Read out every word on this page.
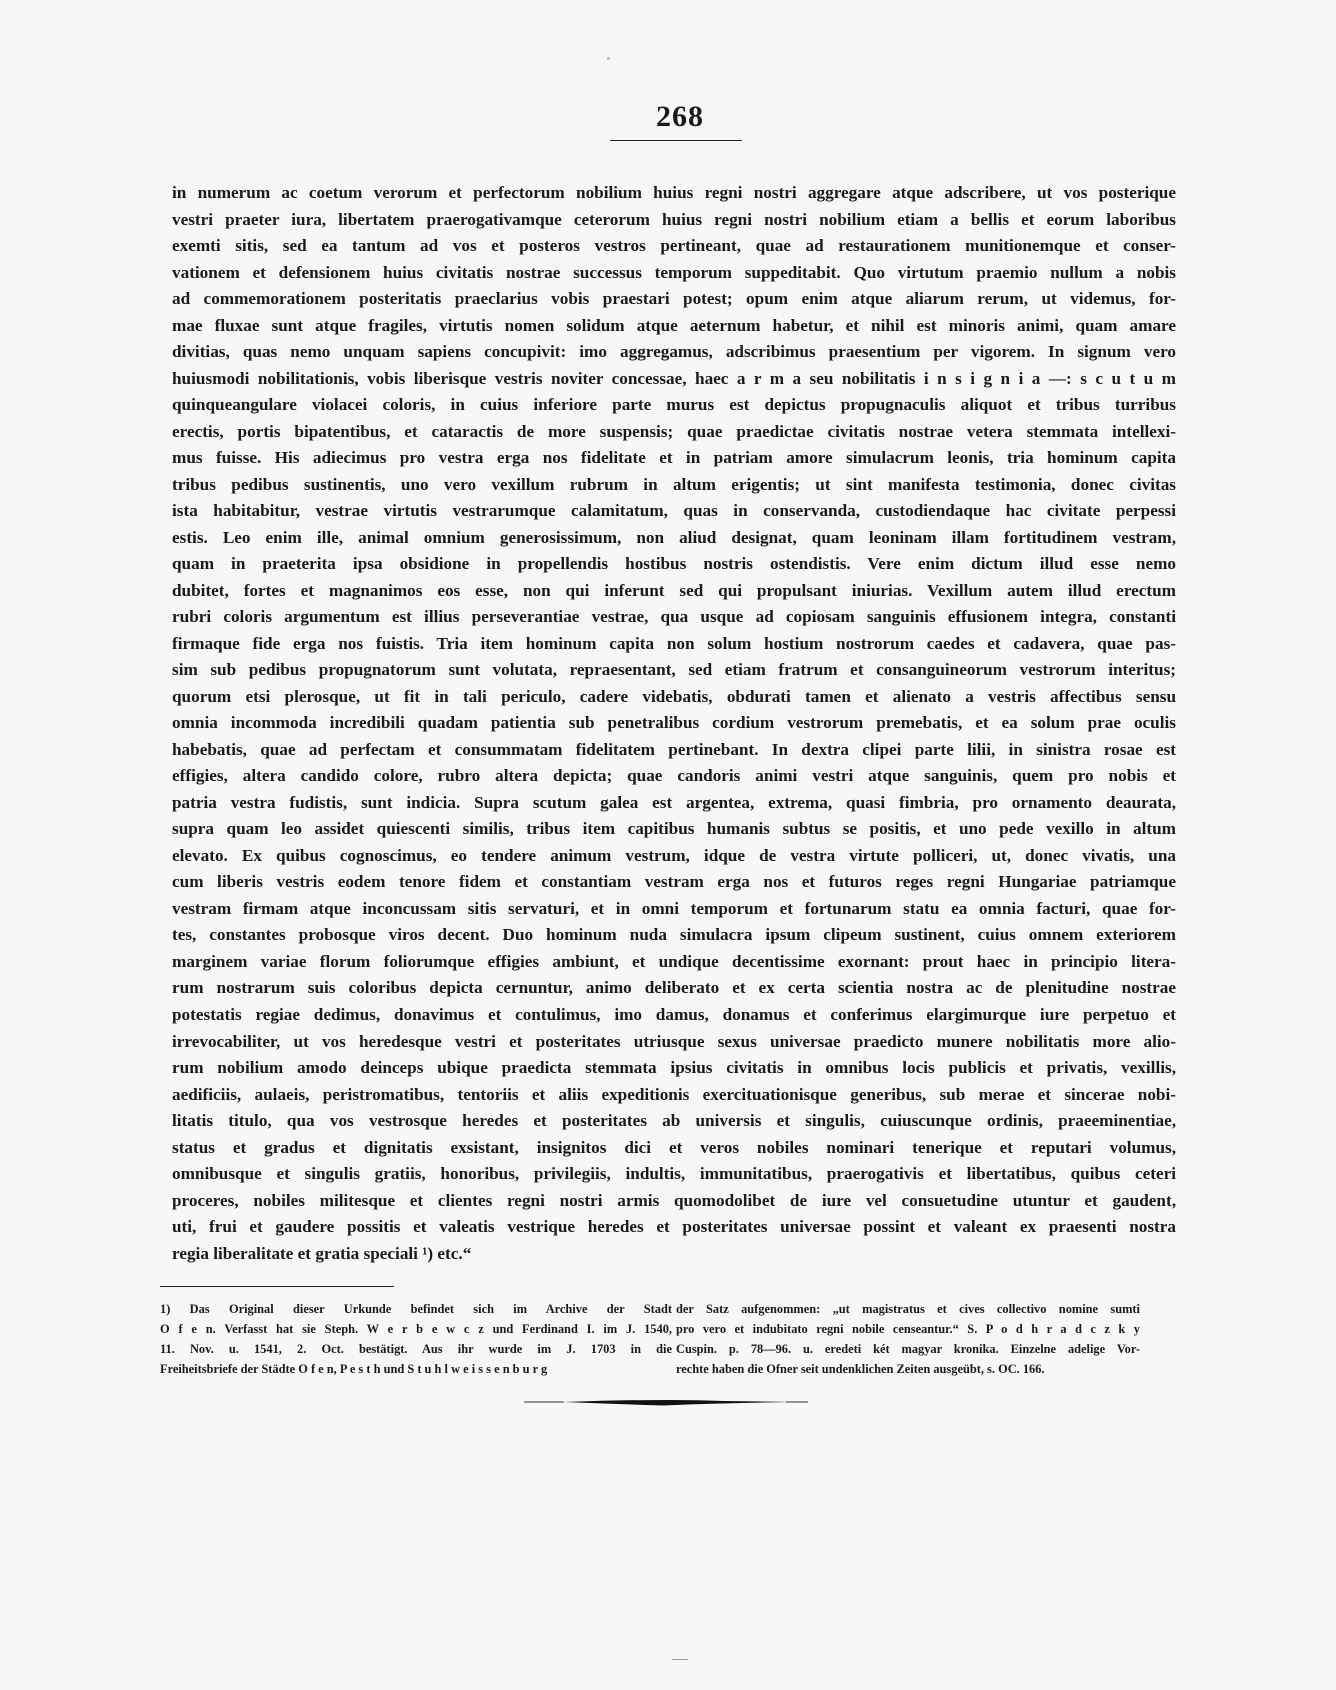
268
in numerum ac coetum verorum et perfectorum nobilium huius regni nostri aggregare atque adscribere, ut vos posterique
vestri praeter iura, libertatem praerogativamque ceterorum huius regni nostri nobilium etiam a bellis et eorum laboribus
exemti sitis, sed ea tantum ad vos et posteros vestros pertineant, quae ad restaurationem munitionemque et conser-
vationem et defensionem huius civitatis nostrae successus temporum suppeditabit. Quo virtutum praemio nullum a nobis
ad commemorationem posteritatis praeclarius vobis praestari potest; opum enim atque aliarum rerum, ut videmus, for-
mae fluxae sunt atque fragiles, virtutis nomen solidum atque aeternum habetur, et nihil est minoris animi, quam amare
divitias, quas nemo unquam sapiens concupivit: imo aggregamus, adscribimus praesentium per vigorem. In signum vero
huiusmodi nobilitationis, vobis liberisque vestris noviter concessae, haec a r m a seu nobilitatis i n s i g n i a —: s c u t u m
quinqueangulare violacei coloris, in cuius inferiore parte murus est depictus propugnaculis aliquot et tribus turribus
erectis, portis bipatentibus, et cataractis de more suspensis; quae praedictae civitatis nostrae vetera stemmata intellexi-
mus fuisse. His adiecimus pro vestra erga nos fidelitate et in patriam amore simulacrum leonis, tria hominum capita
tribus pedibus sustinentis, uno vero vexillum rubrum in altum erigentis; ut sint manifesta testimonia, donec civitas
ista habitabitur, vestrae virtutis vestrarumque calamitatum, quas in conservanda, custodiendaque hac civitate perpessi
estis. Leo enim ille, animal omnium generosissimum, non aliud designat, quam leoninam illam fortitudinem vestram,
quam in praeterita ipsa obsidione in propellendis hostibus nostris ostendistis. Vere enim dictum illud esse nemo
dubitet, fortes et magnanimos eos esse, non qui inferunt sed qui propulsant iniurias. Vexillum autem illud erectum
rubri coloris argumentum est illius perseverantiae vestrae, qua usque ad copiosam sanguinis effusionem integra, constanti
firmaque fide erga nos fuistis. Tria item hominum capita non solum hostium nostrorum caedes et cadavera, quae pas-
sim sub pedibus propugnatorum sunt volutata, repraesentant, sed etiam fratrum et consanguineorum vestrorum interitus;
quorum etsi plerosque, ut fit in tali periculo, cadere videbatis, obdurati tamen et alienato a vestris affectibus sensu
omnia incommoda incredibili quadam patientia sub penetralibus cordium vestrorum premebatis, et ea solum prae oculis
habebatis, quae ad perfectam et consummatam fidelitatem pertinebant. In dextra clipei parte lilii, in sinistra rosae est
effigies, altera candido colore, rubro altera depicta; quae candoris animi vestri atque sanguinis, quem pro nobis et
patria vestra fudistis, sunt indicia. Supra scutum galea est argentea, extrema, quasi fimbria, pro ornamento deaurata,
supra quam leo assidet quiescenti similis, tribus item capitibus humanis subtus se positis, et uno pede vexillo in altum
elevato. Ex quibus cognoscimus, eo tendere animum vestrum, idque de vestra virtute polliceri, ut, donec vivatis, una
cum liberis vestris eodem tenore fidem et constantiam vestram erga nos et futuros reges regni Hungariae patriamque
vestram firmam atque inconcussam sitis servaturi, et in omni temporum et fortunarum statu ea omnia facturi, quae for-
tes, constantes probosque viros decent. Duo hominum nuda simulacra ipsum clipeum sustinent, cuius omnem exteriorem
marginem variae florum foliorumque effigies ambiunt, et undique decentissime exornant: prout haec in principio litera-
rum nostrarum suis coloribus depicta cernuntur, animo deliberato et ex certa scientia nostra ac de plenitudine nostrae
potestatis regiae dedimus, donavimus et contulimus, imo damus, donamus et conferimus elargimurque iure perpetuo et
irrevocabiliter, ut vos heredesque vestri et posteritates utriusque sexus universae praedicto munere nobilitatis more alio-
rum nobilium amodo deinceps ubique praedicta stemmata ipsius civitatis in omnibus locis publicis et privatis, vexillis,
aedificiis, aulaeis, peristromatibus, tentoriis et aliis expeditionis exercituationisque generibus, sub merae et sincerae nobi-
litatis titulo, qua vos vestrosque heredes et posteritates ab universis et singulis, cuiuscunque ordinis, praeeminentiae,
status et gradus et dignitatis exsistant, insignitos dici et veros nobiles nominari tenerique et reputari volumus,
omnibusque et singulis gratiis, honoribus, privilegiis, indultis, immunitatibus, praerogativis et libertatibus, quibus ceteri
proceres, nobiles militesque et clientes regni nostri armis quomodolibet de iure vel consuetudine utuntur et gaudent,
uti, frui et gaudere possitis et valeatis vestrique heredes et posteritates universae possint et valeant ex praesenti nostra
regia liberalitate et gratia speciali ¹) etc.“
1) Das Original dieser Urkunde befindet sich im Archive der Stadt
O f e n. Verfasst hat sie Steph. W e r b e w c z und Ferdinand I. im J. 1540,
11. Nov. u. 1541, 2. Oct. bestätigt. Aus ihr wurde im J. 1703 in die
Freiheitsbriefe der Städte O f e n, P e s t h und S t u h l w e i s s e n b u r g
der Satz aufgenommen: „ut magistratus et cives collectivo nomine sumti
pro vero et indubitato regni nobile censeantur.“ S. P o d h r a d c z k y
Cuspin. p. 78—96. u. eredeti két magyar kronika. Einzelne adelige Vor-
rechte haben die Ofner seit undenklichen Zeiten ausgeübt, s. OC. 166.
